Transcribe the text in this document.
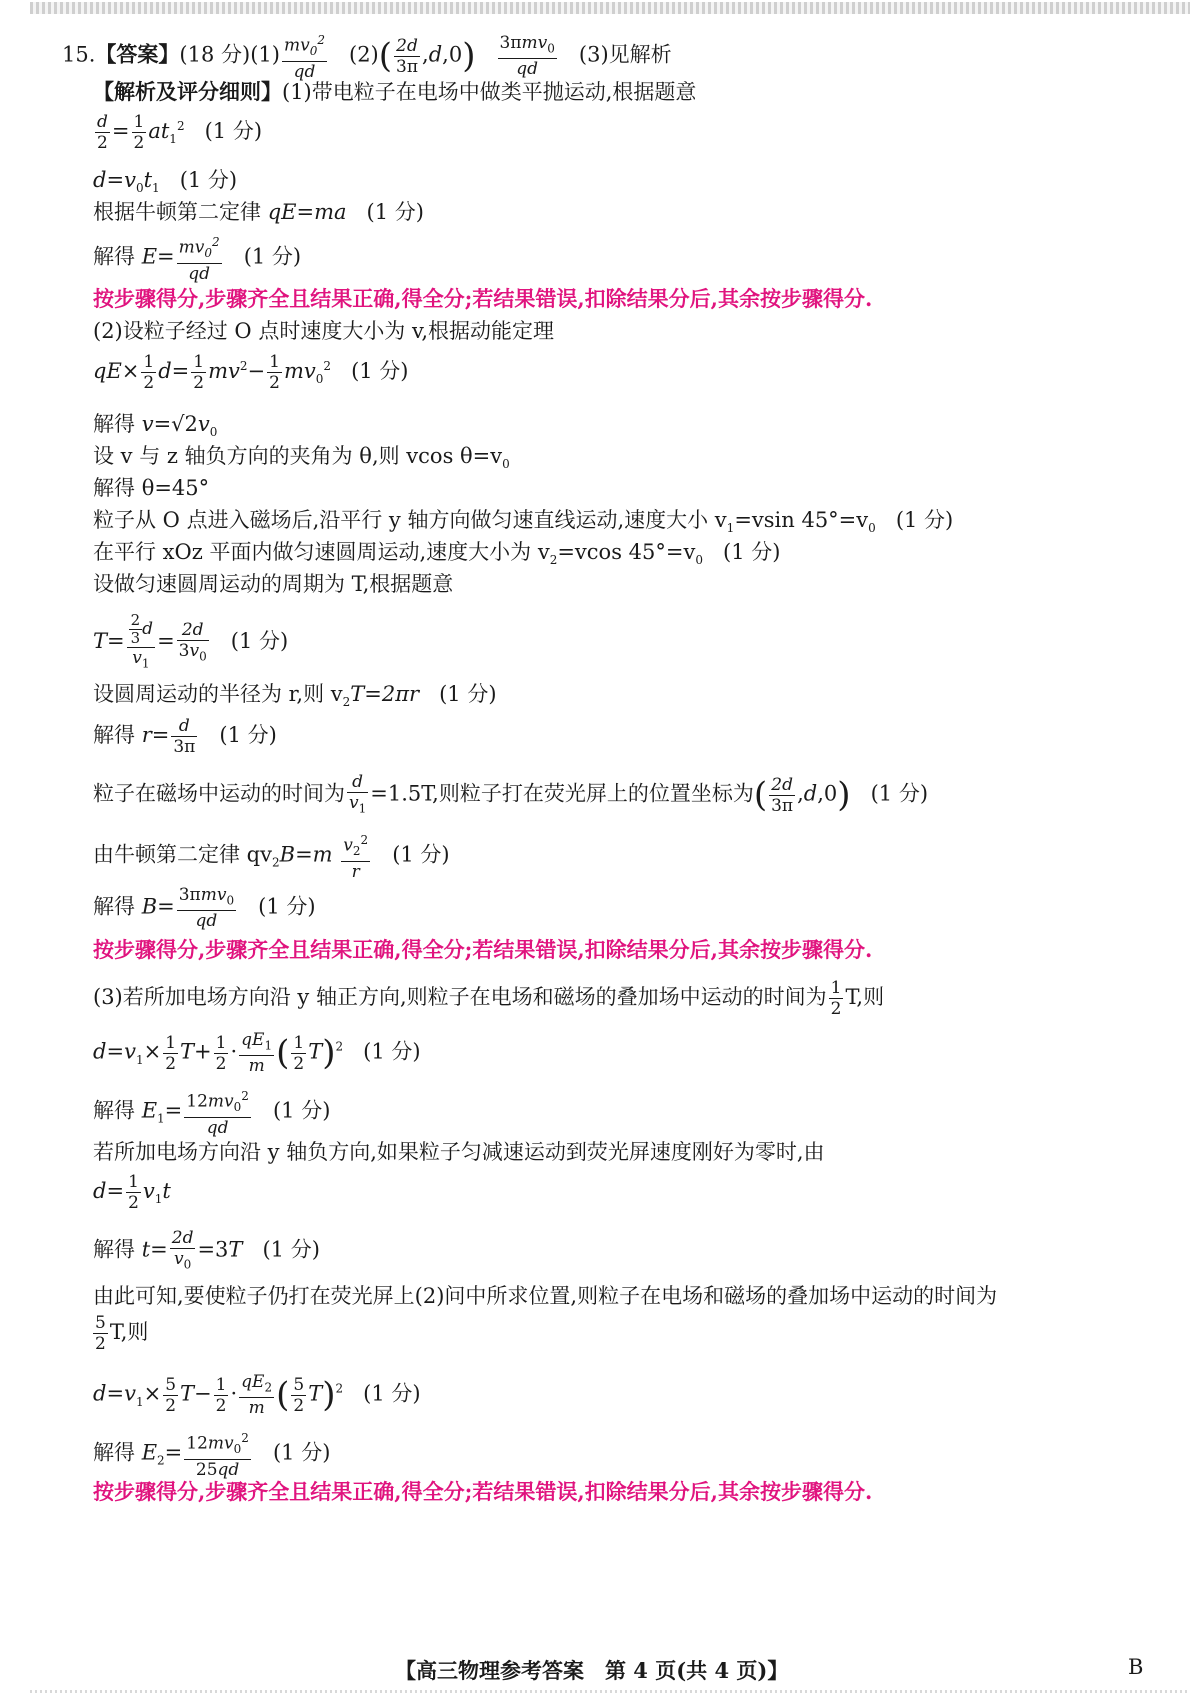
15.【答案】(18 分)$(1) \frac{mv_0^2}{qd} (2)( \frac{2d}{3\pi} ,d,0) \frac{3\pi mv_0}{qd} (3)$见解析
【解析及评分细则】(1)带电粒子在电场中做类平抛运动,根据题意
$\frac{d}{2} = \frac{1}{2} at_1^2$ (1 分)
$d=v_0t_1$ (1 分)
根据牛顿第二定律 qE=ma (1 分)
解得 $E= \frac{mv_0^2}{qd} (1$ 分)
按步骤得分,步骤齐全且结果正确,得全分;若结果错误,扣除结果分后,其余按步骤得分.
(2)设粒子经过 O 点时速度大小为 v,根据动能定理
$qE\times \frac{1}{2} d= \frac{1}{2} mv^2- \frac{1}{2} mv_0^2$ (1 分)
解得 $v=√2v_0$
设 v 与 z 轴负方向的夹角为 θ,则 vcos $\theta=v_0$
解得 θ=45°
粒子从 O 点进入磁场后,沿平行 y 轴方向做匀速直线运动,速度大小 $v_1=vsin$ $45^\circ=v_0$ (1 分)
在平行 xOz 平面内做匀速圆周运动,速度大小为 $v_2=vcos$ $45^\circ=v_0$ (1 分)
设做匀速圆周运动的周期为 T,根据题意
$T= \frac{\frac{2}{3} d}{v_1} = \frac{2d}{3v_0} (1$ 分)
设圆周运动的半径为 r,则 $v_2T=2\pi r$ (1 分)
解得 $r= \frac{d}{3\pi} (1$ 分)
粒子在磁场中运动的时间为 $\frac{d}{v_1} =1.5T$,则粒子打在荧光屏上的位置坐标为( $\frac{2d}{3\pi} ,d,0$) (1 分)
由牛顿第二定律 $qv_2B=m \frac{v_2^2}{r} (1$ 分)
解得 $B= \frac{3\pi mv_0}{qd} (1$ 分)
按步骤得分,步骤齐全且结果正确,得全分;若结果错误,扣除结果分后,其余按步骤得分.
(3)若所加电场方向沿 y 轴正方向,则粒子在电场和磁场的叠加场中运动的时间为 $\frac{1}{2} T$,则
$d=v_1\times \frac{1}{2} T+ \frac{1}{2} \cdot \frac{qE_1}{m}$ ( $\frac{1}{2} T)^2$ (1 分)
解得 $E_1= \frac{12mv_0^2}{qd} (1$ 分)
若所加电场方向沿 y 轴负方向,如果粒子匀减速运动到荧光屏速度刚好为零时,由
$d= \frac{1}{2} v_1t$
解得 $t= \frac{2d}{v_0} =3T$ (1 分)
由此可知,要使粒子仍打在荧光屏上(2)问中所求位置,则粒子在电场和磁场的叠加场中运动的时间为
$\frac{5}{2} T$,则
$d=v_1\times \frac{5}{2} T- \frac{1}{2} \cdot \frac{qE_2}{m}$ ( $\frac{5}{2} T)^2$ (1 分)
解得 $E_2= \frac{12mv_0^2}{25qd} (1$ 分)
按步骤得分,步骤齐全且结果正确,得全分;若结果错误,扣除结果分后,其余按步骤得分.
【高三物理参考答案　第 4 页(共 4 页)】	B
